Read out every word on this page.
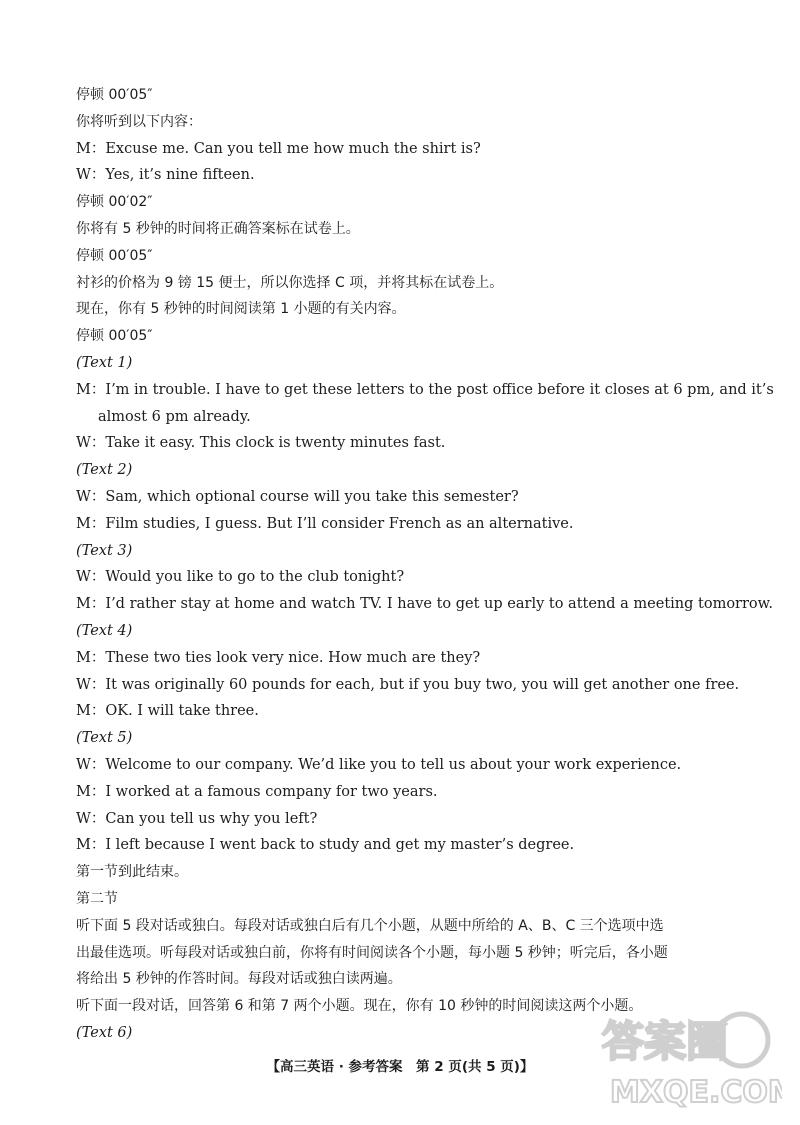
停顿 00′05″
你将听到以下内容：
M：Excuse me. Can you tell me how much the shirt is?
W：Yes, it’s nine fifteen.
停顿 00′02″
你将有 5 秒钟的时间将正确答案标在试卷上。
停顿 00′05″
衬衫的价格为 9 镑 15 便士，所以你选择 C 项，并将其标在试卷上。
现在，你有 5 秒钟的时间阅读第 1 小题的有关内容。
停顿 00′05″
(Text 1)
M：I’m in trouble. I have to get these letters to the post office before it closes at 6 pm, and it’s
almost 6 pm already.
W：Take it easy. This clock is twenty minutes fast.
(Text 2)
W：Sam, which optional course will you take this semester?
M：Film studies, I guess. But I’ll consider French as an alternative.
(Text 3)
W：Would you like to go to the club tonight?
M：I’d rather stay at home and watch TV. I have to get up early to attend a meeting tomorrow.
(Text 4)
M：These two ties look very nice. How much are they?
W：It was originally 60 pounds for each, but if you buy two, you will get another one free.
M：OK. I will take three.
(Text 5)
W：Welcome to our company. We’d like you to tell us about your work experience.
M：I worked at a famous company for two years.
W：Can you tell us why you left?
M：I left because I went back to study and get my master’s degree.
第一节到此结束。
第二节
听下面 5 段对话或独白。每段对话或独白后有几个小题，从题中所给的 A、B、C 三个选项中选
出最佳选项。听每段对话或独白前，你将有时间阅读各个小题，每小题 5 秒钟；听完后，各小题
将给出 5 秒钟的作答时间。每段对话或独白读两遍。
听下面一段对话，回答第 6 和第 7 两个小题。现在，你有 10 秒钟的时间阅读这两个小题。
(Text 6)
【高三英语 · 参考答案　第 2 页(共 5 页)】
答案圈
MXQE.COM
